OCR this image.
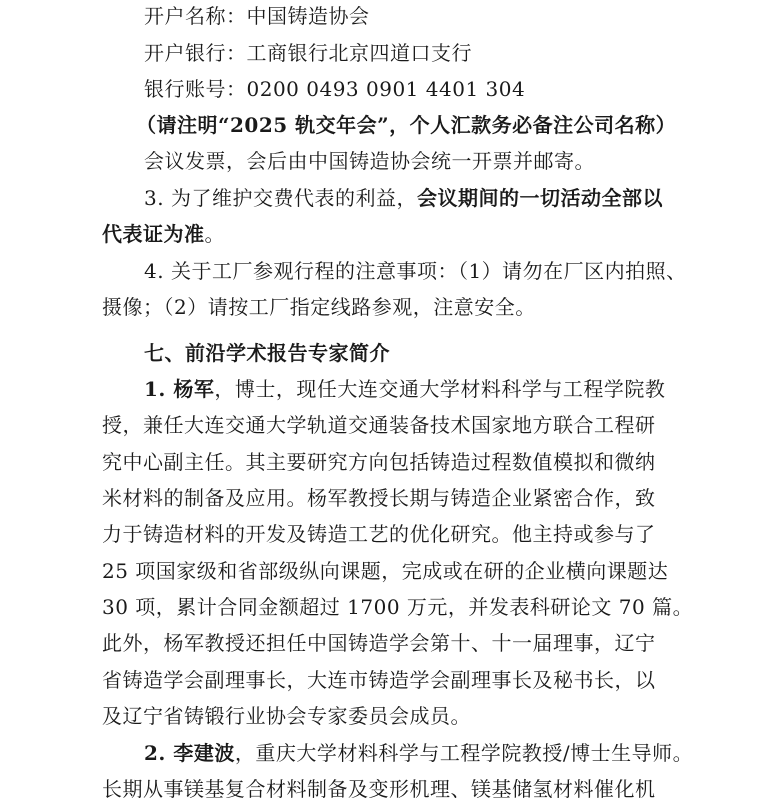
开户名称：中国铸造协会
开户银行：工商银行北京四道口支行
银行账号：0200 0493 0901 4401 304
（请注明“2025 轨交年会”，个人汇款务必备注公司名称）
会议发票，会后由中国铸造协会统一开票并邮寄。
3. 为了维护交费代表的利益，会议期间的一切活动全部以
代表证为准。
4. 关于工厂参观行程的注意事项：（1）请勿在厂区内拍照、
摄像；（2）请按工厂指定线路参观，注意安全。
七、前沿学术报告专家简介
1. 杨军，博士，现任大连交通大学材料科学与工程学院教
授，兼任大连交通大学轨道交通装备技术国家地方联合工程研
究中心副主任。其主要研究方向包括铸造过程数值模拟和微纳
米材料的制备及应用。杨军教授长期与铸造企业紧密合作，致
力于铸造材料的开发及铸造工艺的优化研究。他主持或参与了
25 项国家级和省部级纵向课题，完成或在研的企业横向课题达
30 项，累计合同金额超过 1700 万元，并发表科研论文 70 篇。
此外，杨军教授还担任中国铸造学会第十、十一届理事，辽宁
省铸造学会副理事长，大连市铸造学会副理事长及秘书长，以
及辽宁省铸锻行业协会专家委员会成员。
2. 李建波，重庆大学材料科学与工程学院教授/博士生导师。
长期从事镁基复合材料制备及变形机理、镁基储氢材料催化机
